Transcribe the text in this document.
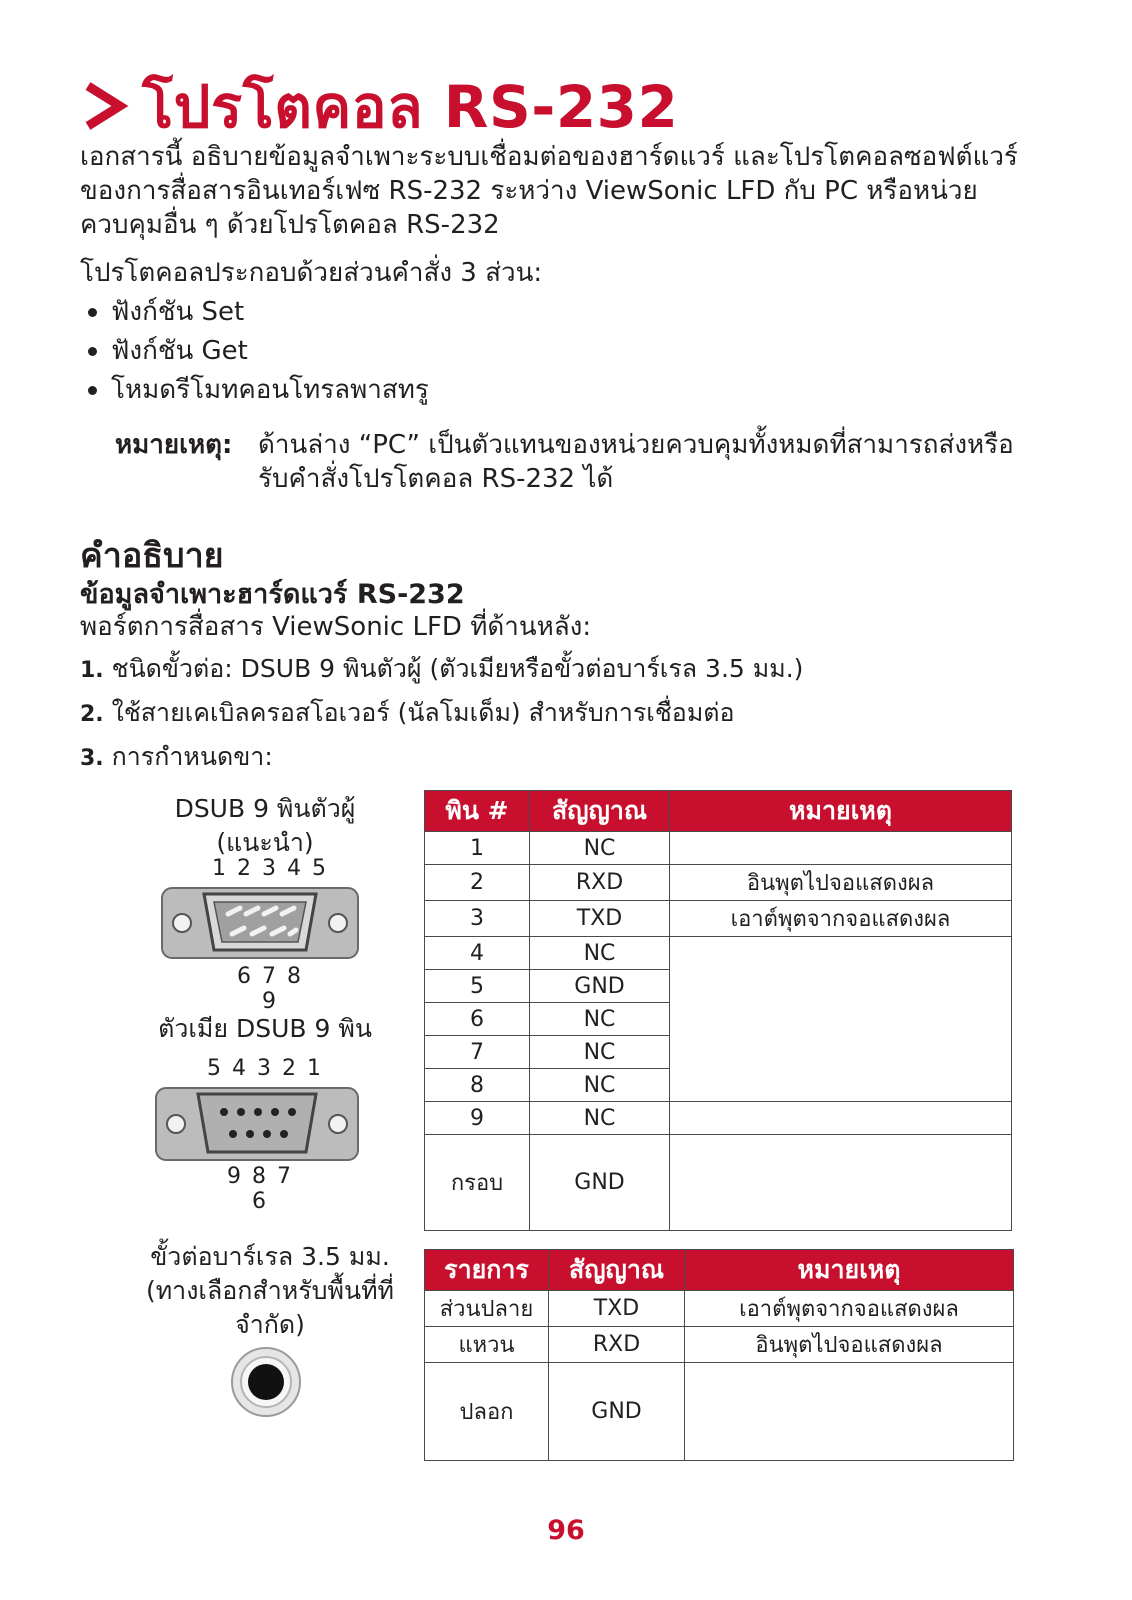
โปรโตคอล RS-232
เอกสารนี้ อธิบายข้อมูลจำเพาะระบบเชื่อมต่อของฮาร์ดแวร์ และโปรโตคอลซอฟต์แวร์
ของการสื่อสารอินเทอร์เฟซ RS-232 ระหว่าง ViewSonic LFD กับ PC หรือหน่วย
ควบคุมอื่น ๆ ด้วยโปรโตคอล RS-232
โปรโตคอลประกอบด้วยส่วนคำสั่ง 3 ส่วน:
ฟังก์ชัน Set
ฟังก์ชัน Get
โหมดรีโมทคอนโทรลพาสทรู
หมายเหตุ: ด้านล่าง “PC” เป็นตัวแทนของหน่วยควบคุมทั้งหมดที่สามารถส่งหรือ
รับคำสั่งโปรโตคอล RS-232 ได้
คำอธิบาย
ข้อมูลจำเพาะฮาร์ดแวร์ RS-232
พอร์ตการสื่อสาร ViewSonic LFD ที่ด้านหลัง:
1. ชนิดขั้วต่อ: DSUB 9 พินตัวผู้ (ตัวเมียหรือขั้วต่อบาร์เรล 3.5 มม.)
2. ใช้สายเคเบิลครอสโอเวอร์ (นัลโมเด็ม) สำหรับการเชื่อมต่อ
3. การกำหนดขา:
DSUB 9 พินตัวผู้
(แนะนำ)
1 2 3 4 5
6 7 8 9
ตัวเมีย DSUB 9 พิน
5 4 3 2 1
9 8 7 6
ขั้วต่อบาร์เรล 3.5 มม.
(ทางเลือกสำหรับพื้นที่ที่
จำกัด)
พิน #	สัญญาณ	หมายเหตุ
1	NC	
2	RXD	อินพุตไปจอแสดงผล
3	TXD	เอาต์พุตจากจอแสดงผล
4	NC	
5	GND	
6	NC	
7	NC	
8	NC	
9	NC	
กรอบ	GND	
รายการ	สัญญาณ	หมายเหตุ
ส่วนปลาย	TXD	เอาต์พุตจากจอแสดงผล
แหวน	RXD	อินพุตไปจอแสดงผล
ปลอก	GND	
96
